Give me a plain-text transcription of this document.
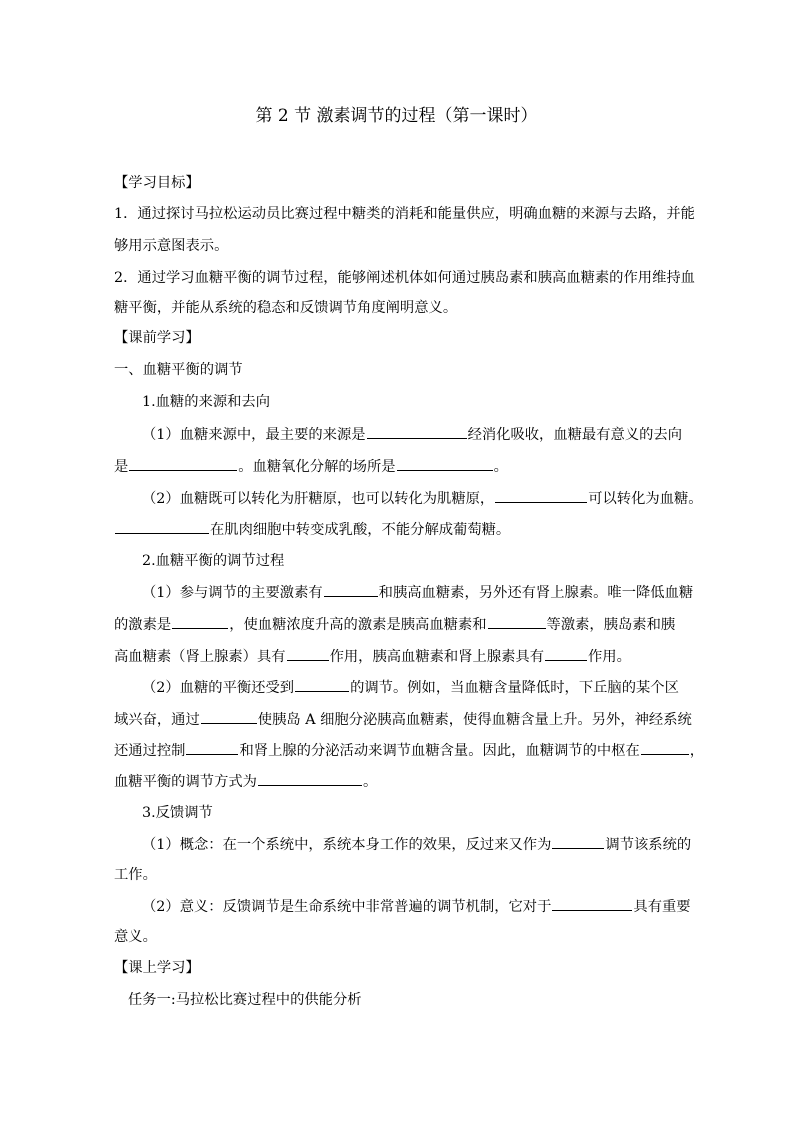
第 2 节 激素调节的过程（第一课时）
【学习目标】
1．通过探讨马拉松运动员比赛过程中糖类的消耗和能量供应，明确血糖的来源与去路，并能
够用示意图表示。
2．通过学习血糖平衡的调节过程，能够阐述机体如何通过胰岛素和胰高血糖素的作用维持血
糖平衡，并能从系统的稳态和反馈调节角度阐明意义。
【课前学习】
一、血糖平衡的调节
1.血糖的来源和去向
（1）血糖来源中，最主要的来源是	经消化吸收，血糖最有意义的去向
是	。血糖氧化分解的场所是	。
（2）血糖既可以转化为肝糖原，也可以转化为肌糖原，	可以转化为血糖。
在肌肉细胞中转变成乳酸，不能分解成葡萄糖。
2.血糖平衡的调节过程
（1）参与调节的主要激素有	和胰高血糖素，另外还有肾上腺素。唯一降低血糖
的激素是	，使血糖浓度升高的激素是胰高血糖素和	等激素，胰岛素和胰
高血糖素（肾上腺素）具有	作用，胰高血糖素和肾上腺素具有	作用。
（2）血糖的平衡还受到	的调节。例如，当血糖含量降低时，下丘脑的某个区
域兴奋，通过	使胰岛 A 细胞分泌胰高血糖素，使得血糖含量上升。另外，神经系统
还通过控制	和肾上腺的分泌活动来调节血糖含量。因此，血糖调节的中枢在	，
血糖平衡的调节方式为	。
3.反馈调节
（1）概念：在一个系统中，系统本身工作的效果，反过来又作为	调节该系统的
工作。
（2）意义：反馈调节是生命系统中非常普遍的调节机制，它对于	具有重要
意义。
【课上学习】
任务一:马拉松比赛过程中的供能分析
